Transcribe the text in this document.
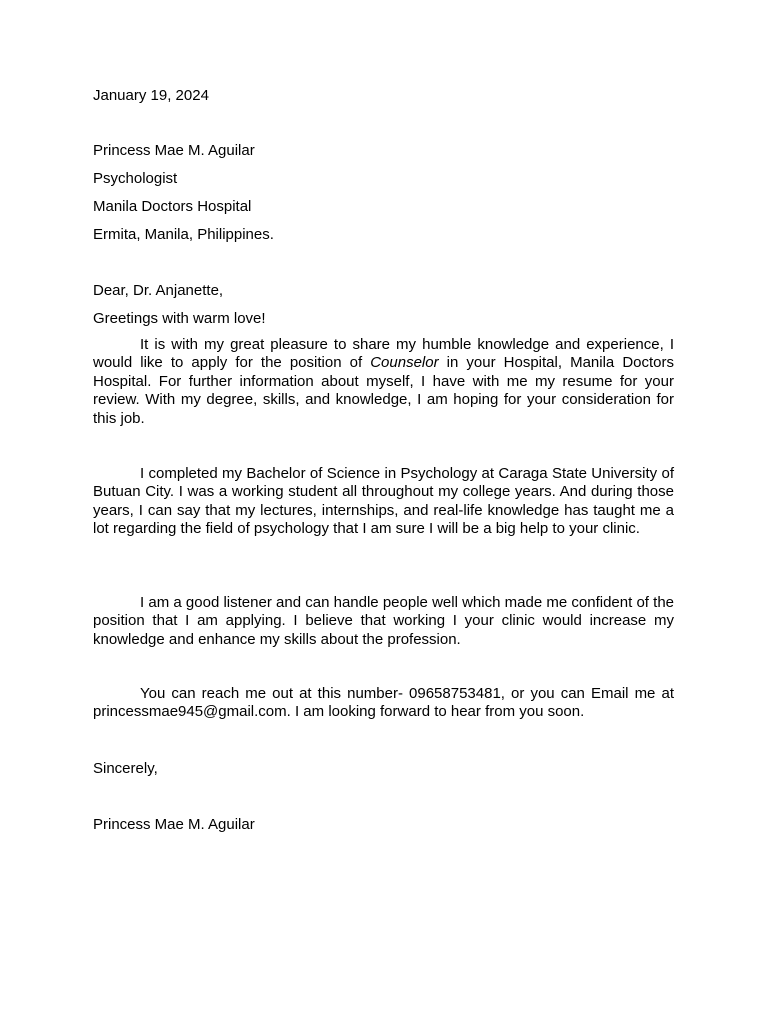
January 19, 2024
Princess Mae M. Aguilar
Psychologist
Manila Doctors Hospital
Ermita, Manila, Philippines.
Dear, Dr. Anjanette,
Greetings with warm love!
It is with my great pleasure to share my humble knowledge and experience, I would like to apply for the position of Counselor in your Hospital, Manila Doctors Hospital. For further information about myself, I have with me my resume for your review. With my degree, skills, and knowledge, I am hoping for your consideration for this job.
I completed my Bachelor of Science in Psychology at Caraga State University of Butuan City. I was a working student all throughout my college years. And during those years, I can say that my lectures, internships, and real-life knowledge has taught me a lot regarding the field of psychology that I am sure I will be a big help to your clinic.
I am a good listener and can handle people well which made me confident of the position that I am applying. I believe that working I your clinic would increase my knowledge and enhance my skills about the profession.
You can reach me out at this number- 09658753481, or you can Email me at princessmae945@gmail.com. I am looking forward to hear from you soon.
Sincerely,
Princess Mae M. Aguilar
